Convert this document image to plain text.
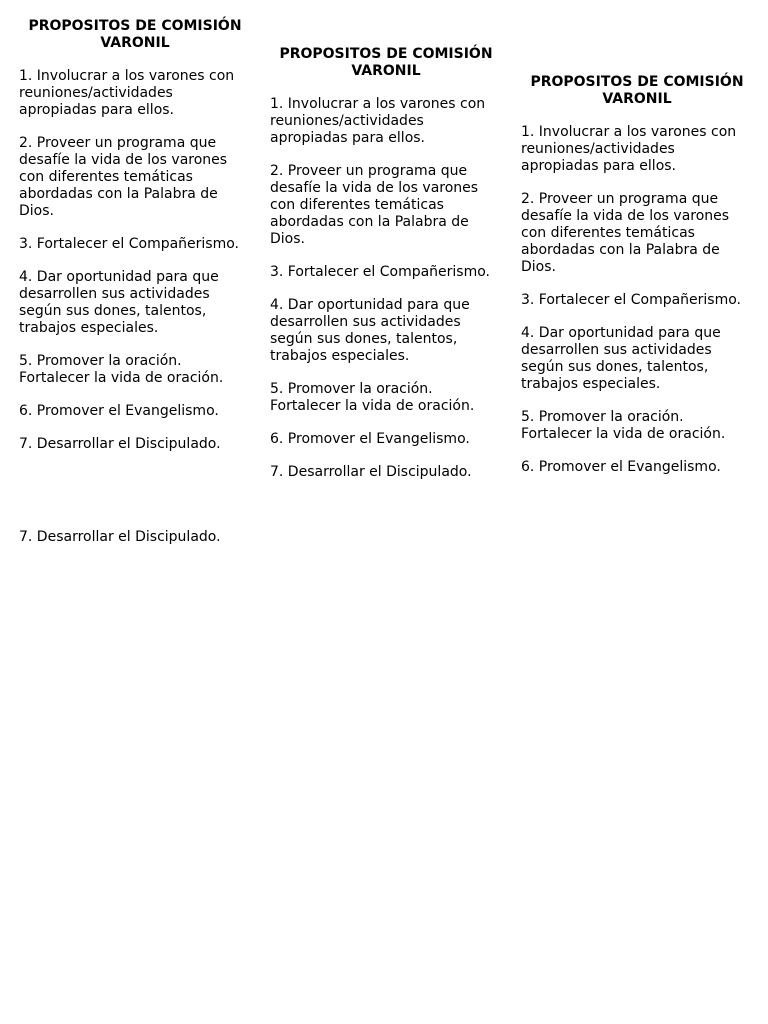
PROPOSITOS DE COMISIÓN VARONIL
1. Involucrar a los varones con reuniones/actividades apropiadas para ellos.
2. Proveer un programa que desafíe la vida de los varones con diferentes temáticas abordadas con la Palabra de Dios.
3. Fortalecer el Compañerismo.
4. Dar oportunidad para que desarrollen sus actividades según sus dones, talentos, trabajos especiales.
5. Promover la oración. Fortalecer la vida de oración.
6. Promover el Evangelismo.
7. Desarrollar el Discipulado.
7. Desarrollar el Discipulado.
PROPOSITOS DE COMISIÓN VARONIL
1. Involucrar a los varones con reuniones/actividades apropiadas para ellos.
2. Proveer un programa que desafíe la vida de los varones con diferentes temáticas abordadas con la Palabra de Dios.
3. Fortalecer el Compañerismo.
4. Dar oportunidad para que desarrollen sus actividades según sus dones, talentos, trabajos especiales.
5. Promover la oración. Fortalecer la vida de oración.
6. Promover el Evangelismo.
7. Desarrollar el Discipulado.
PROPOSITOS DE COMISIÓN VARONIL
1. Involucrar a los varones con reuniones/actividades apropiadas para ellos.
2. Proveer un programa que desafíe la vida de los varones con diferentes temáticas abordadas con la Palabra de Dios.
3. Fortalecer el Compañerismo.
4. Dar oportunidad para que desarrollen sus actividades según sus dones, talentos, trabajos especiales.
5. Promover la oración. Fortalecer la vida de oración.
6. Promover el Evangelismo.
